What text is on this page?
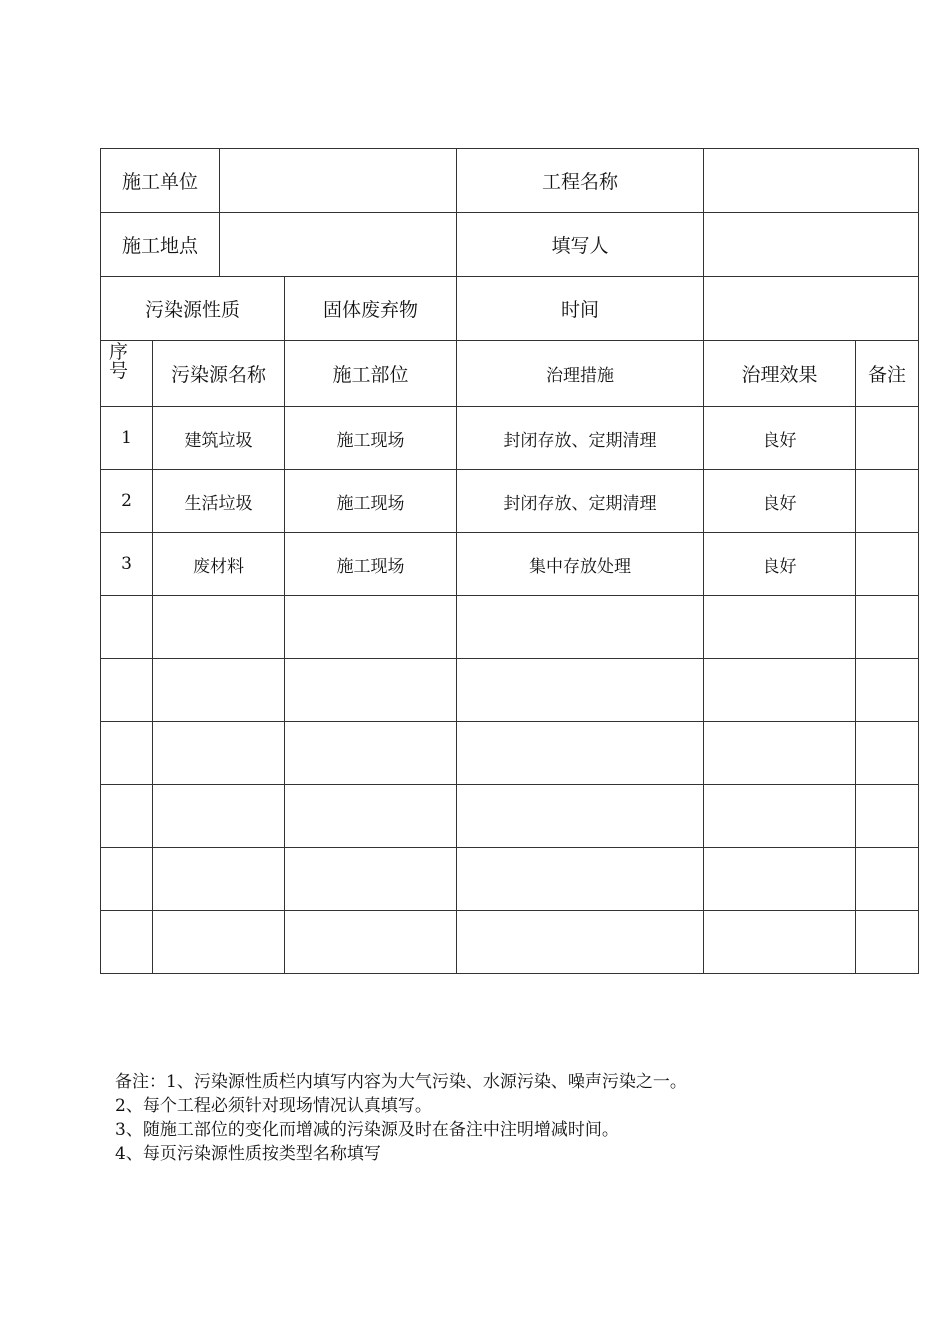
施工单位				工程名称		
施工地点				填写人		
污染源性质			固体废弃物	时间		

序号	污染源名称		施工部位	治理措施	治理效果	备注
1	建筑垃圾		施工现场	封闭存放、定期清理	良好	
2	生活垃圾		施工现场	封闭存放、定期清理	良好	
3	废材料		施工现场	集中存放处理	良好	

备注：1、污染源性质栏内填写内容为大气污染、水源污染、噪声污染之一。
2、每个工程必须针对现场情况认真填写。
3、随施工部位的变化而增减的污染源及时在备注中注明增减时间。
4、每页污染源性质按类型名称填写
